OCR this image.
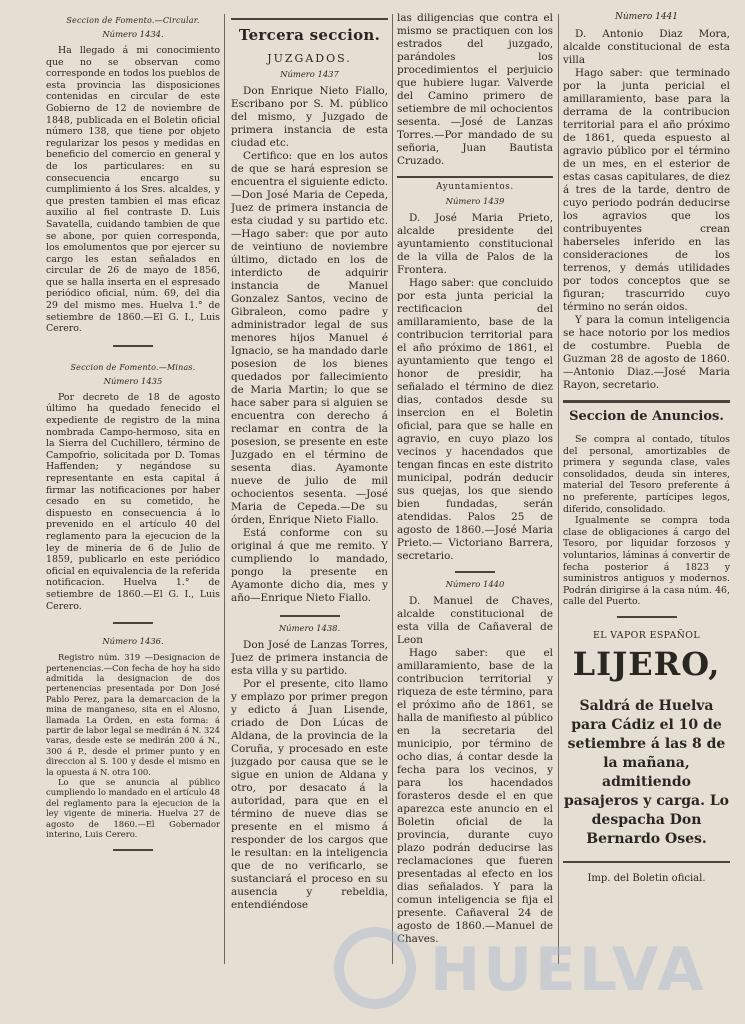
Seccion de Fomento.—Circular.
Número 1434.

Ha llegado á mi conocimiento que no se observan como corresponde en todos los pueblos de esta provincia las disposiciones contenidas en circular de este Gobierno de 12 de noviembre de 1848, publicada en el Boletin oficial número 138, que tiene por objeto regularizar los pesos y medidas en beneficio del comercio en general y de los particulares: en su consecuencia encargo su cumplimiento á los Sres. alcaldes, y que presten tambien el mas eficaz auxilio al fiel contraste D. Luis Savatella, cuidando tambien de que se abone, por quien corresponda, los emolumentos que por ejercer su cargo les estan señalados en circular de 26 de mayo de 1856, que se halla inserta en el espresado periódico oficial, núm. 69, del dia 29 del mismo mes. Huelva 1.° de setiembre de 1860.—El G. I., Luis Cerero.

Seccion de Fomento.—Minas.
Número 1435

Por decreto de 18 de agosto último ha quedado fenecido el expediente de registro de la mina nombrada Campo-hermoso, sita en la Sierra del Cuchillero, término de Campofrio, solicitada por D. Tomas Haffenden; y negándose su representante en esta capital á firmar las notificaciones por haber cesado en su cometido, he dispuesto en consecuencia á lo prevenido en el artículo 40 del reglamento para la ejecucion de la ley de mineria de 6 de Julio de 1859, publicarlo en este periódico oficial en equivalencia de la referida notificacion. Huelva 1.° de setiembre de 1860.—El G. I., Luis Cerero.

Número 1436.

Registro núm. 319 —Designacion de pertenencias.—Con fecha de hoy ha sido admitida la designacion de dos pertenencias presentada por Don José Pablo Perez, para la demarcacion de la mina de manganeso, sita en el Alosno, llamada La Órden, en esta forma: á partir de labor legal se medirán á N. 324 varas, desde este se medirán 200 á N., 300 á P., desde el primer punto y en direccion al S. 100 y desde el mismo en la opuesta á N. otra 100.

Lo que se anuncia al público cumpliendo lo mandado en el artículo 48 del reglamento para la ejecucion de la ley vigente de mineria. Huelva 27 de agosto de 1860.—El Gobernador interino, Luis Cerero.

Tercera seccion.
JUZGADOS.
Número 1437

Don Enrique Nieto Fiallo, Escribano por S. M. público del mismo, y Juzgado de primera instancia de esta ciudad etc.

Certifico: que en los autos de que se hará espresion se encuentra el siguiente edicto. —Don José Maria de Cepeda, Juez de primera instancia de esta ciudad y su partido etc.—Hago saber: que por auto de veintiuno de noviembre último, dictado en los de interdicto de adquirir instancia de Manuel Gonzalez Santos, vecino de Gibraleon, como padre y administrador legal de sus menores hijos Manuel é Ignacio, se ha mandado darle posesion de los bienes quedados por fallecimiento de Maria Martin; lo que se hace saber para si alguien se encuentra con derecho á reclamar en contra de la posesion, se presente en este Juzgado en el término de sesenta dias. Ayamonte nueve de julio de mil ochocientos sesenta. —José Maria de Cepeda.—De su órden, Enrique Nieto Fiallo.

Está conforme con su original á que me remito. Y cumpliendo lo mandado, pongo la presente en Ayamonte dicho dia, mes y año—Enrique Nieto Fiallo.

Número 1438.

Don José de Lanzas Torres, Juez de primera instancia de esta villa y su partido.

Por el presente, cito llamo y emplazo por primer pregon y edicto á Juan Lisende, criado de Don Lúcas de Aldana, de la provincia de la Coruña, y procesado en este juzgado por causa que se le sigue en union de Aldana y otro, por desacato á la autoridad, para que en el término de nueve dias se presente en el mismo á responder de los cargos que le resultan: en la inteligencia que de no verificarlo, se sustanciará el proceso en su ausencia y rebeldia, entendiéndose

las diligencias que contra el mismo se practiquen con los estrados del juzgado, parándoles los procedimientos el perjuicio que hubiere lugar. Valverde del Camino primero de setiembre de mil ochocientos sesenta. —José de Lanzas Torres.—Por mandado de su señoria, Juan Bautista Cruzado.

Ayuntamientos.
Número 1439

D. José Maria Prieto, alcalde presidente del ayuntamiento constitucional de la villa de Palos de la Frontera.

Hago saber: que concluido por esta junta pericial la rectificacion del amillaramiento, base de la contribucion territorial para el año próximo de 1861, el ayuntamiento que tengo el honor de presidir, ha señalado el término de diez dias, contados desde su insercion en el Boletin oficial, para que se halle en agravio, en cuyo plazo los vecinos y hacendados que tengan fincas en este distrito municipal, podrán deducir sus quejas, los que siendo bien fundadas, serán atendidas. Palos 25 de agosto de 1860.—José Maria Prieto.— Victoriano Barrera, secretario.

Número 1440

D. Manuel de Chaves, alcalde constitucional de esta villa de Cañaveral de Leon

Hago saber: que el amillaramiento, base de la contribucion territorial y riqueza de este término, para el próximo año de 1861, se halla de manifiesto al público en la secretaria del municipio, por término de ocho dias, á contar desde la fecha para los vecinos, y para los hacendados forasteros desde el en que aparezca este anuncio en el Boletin oficial de la provincia, durante cuyo plazo podrán deducirse las reclamaciones que fueren presentadas al efecto en los dias señalados. Y para la comun inteligencia se fija el presente. Cañaveral 24 de agosto de 1860.—Manuel de Chaves.

Número 1441

D. Antonio Diaz Mora, alcalde constitucional de esta villa

Hago saber: que terminado por la junta pericial el amillaramiento, base para la derrama de la contribucion territorial para el año próximo de 1861, queda espuesto al agravio público por el término de un mes, en el esterior de estas casas capitulares, de diez á tres de la tarde, dentro de cuyo periodo podrán deducirse los agravios que los contribuyentes crean haberseles inferido en las consideraciones de los terrenos, y demás utilidades por todos conceptos que se figuran; trascurrido cuyo término no serán oidos.

Y para la comun inteligencia se hace notorio por los medios de costumbre. Puebla de Guzman 28 de agosto de 1860. —Antonio Diaz.—José Maria Rayon, secretario.

Seccion de Anuncios.

Se compra al contado, títulos del personal, amortizables de primera y segunda clase, vales consolidados, deuda sin interes, material del Tesoro preferente á no preferente, partícipes legos, diferido, consolidado.

Igualmente se compra toda clase de obligaciones á cargo del Tesoro, por liquidar forzosos y voluntarios, láminas á convertir de fecha posterior á 1823 y suministros antiguos y modernos. Podrán dirigirse á la casa núm. 46, calle del Puerto.

EL VAPOR ESPAÑOL
LIJERO,

Saldrá de Huelva para Cádiz el 10 de setiembre á las 8 de la mañana, admitiendo pasajeros y carga. Lo despacha Don Bernardo Oses.

Imp. del Boletin oficial.
HUELVA
